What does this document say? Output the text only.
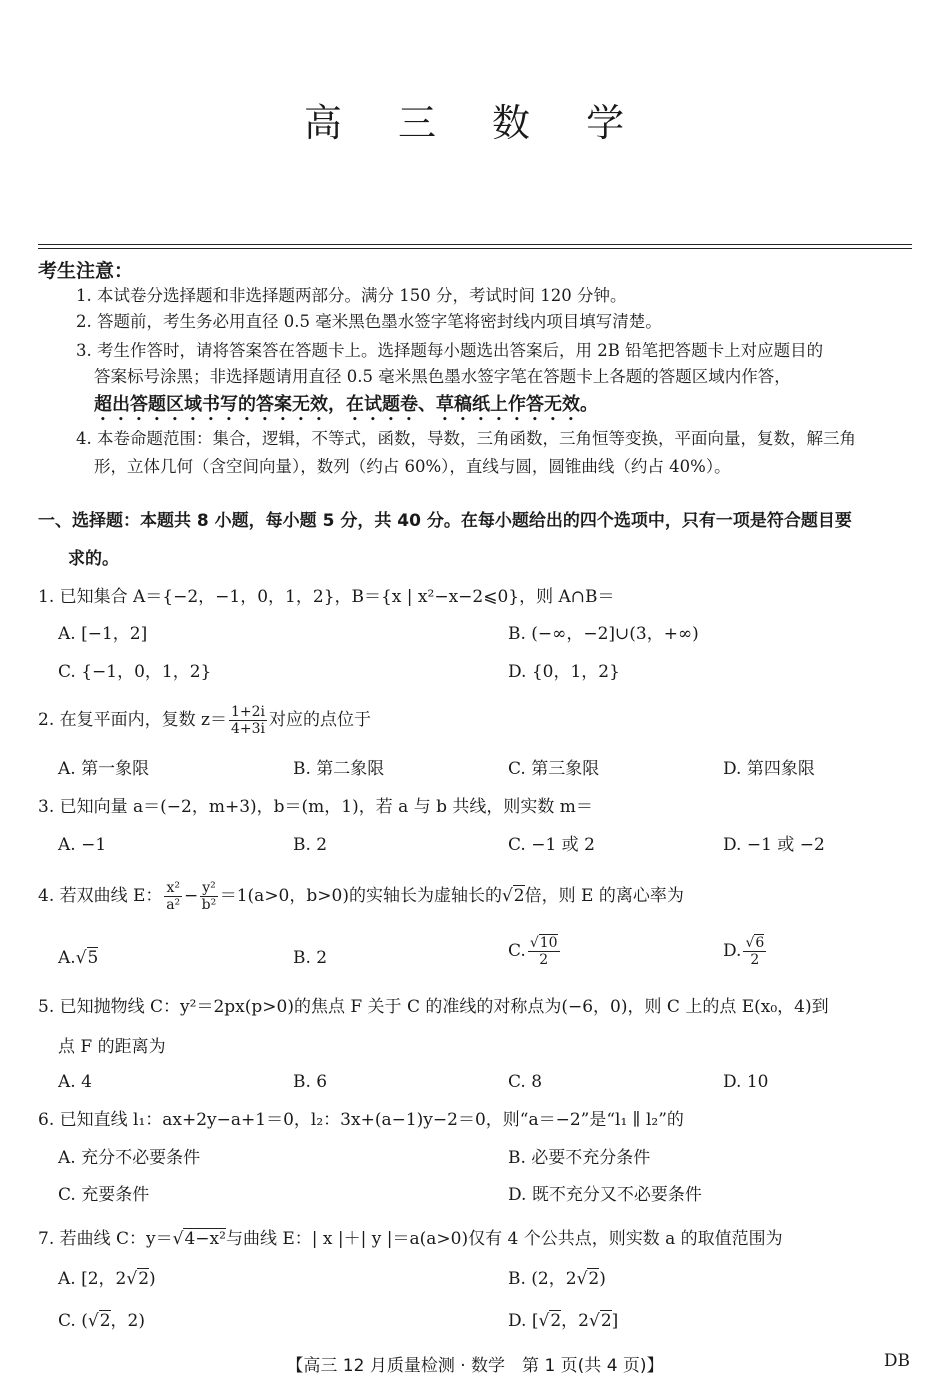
高 三 数 学
考生注意：
1. 本试卷分选择题和非选择题两部分。满分 150 分，考试时间 120 分钟。
2. 答题前，考生务必用直径 0.5 毫米黑色墨水签字笔将密封线内项目填写清楚。
3. 考生作答时，请将答案答在答题卡上。选择题每小题选出答案后，用 2B 铅笔把答题卡上对应题目的
答案标号涂黑；非选择题请用直径 0.5 毫米黑色墨水签字笔在答题卡上各题的答题区域内作答，
超出答题区域书写的答案无效，在试题卷、草稿纸上作答无效。
4. 本卷命题范围：集合，逻辑，不等式，函数，导数，三角函数，三角恒等变换，平面向量，复数，解三角
形，立体几何（含空间向量），数列（约占 60%），直线与圆，圆锥曲线（约占 40%）。
一、选择题：本题共 8 小题，每小题 5 分，共 40 分。在每小题给出的四个选项中，只有一项是符合题目要
求的。
1. 已知集合 A＝{−2，−1，0，1，2}，B＝{x | x²−x−2⩽0}，则 A∩B＝
A. [−1，2]	B. (−∞，−2]∪(3，+∞)
C. {−1，0，1，2}	D. {0，1，2}
2. 在复平面内，复数 $z= \frac{1+2i}{4+3i}$ 对应的点位于
A. 第一象限	B. 第二象限	C. 第三象限	D. 第四象限
3. 已知向量 a＝(−2，m+3)，b＝(m，1)，若 a 与 b 共线，则实数 m＝
A. −1	B. 2	C. −1 或 2	D. −1 或 −2
4. 若双曲线 E： $\frac{\text{x²}}{\text{a²}} - \frac{\text{y²}}{\text{b²}} =1(a>0$，b>0)的实轴长为虚轴长的√2倍，则 E 的离心率为
A.√5	B. 2	C. $\frac{√10}{2}$	D. $\frac{√6}{2}$
5. 已知抛物线 C：y²＝2px(p>0)的焦点 F 关于 C 的准线的对称点为(−6，0)，则 C 上的点 E(x₀，4)到
点 F 的距离为
A. 4	B. 6	C. 8	D. 10
6. 已知直线 l₁：ax+2y−a+1＝0，l₂：3x+(a−1)y−2＝0，则“a＝−2”是“l₁ ∥ l₂”的
A. 充分不必要条件	B. 必要不充分条件
C. 充要条件	D. 既不充分又不必要条件
7. 若曲线 C：y＝√4−x²与曲线 E：| x |＋| y |＝a(a>0)仅有 4 个公共点，则实数 a 的取值范围为
A. [2，2√2)	B. (2，2√2)
C. (√2，2)	D. [√2，2√2]
【高三 12 月质量检测 · 数学　第 1 页(共 4 页)】	DB
